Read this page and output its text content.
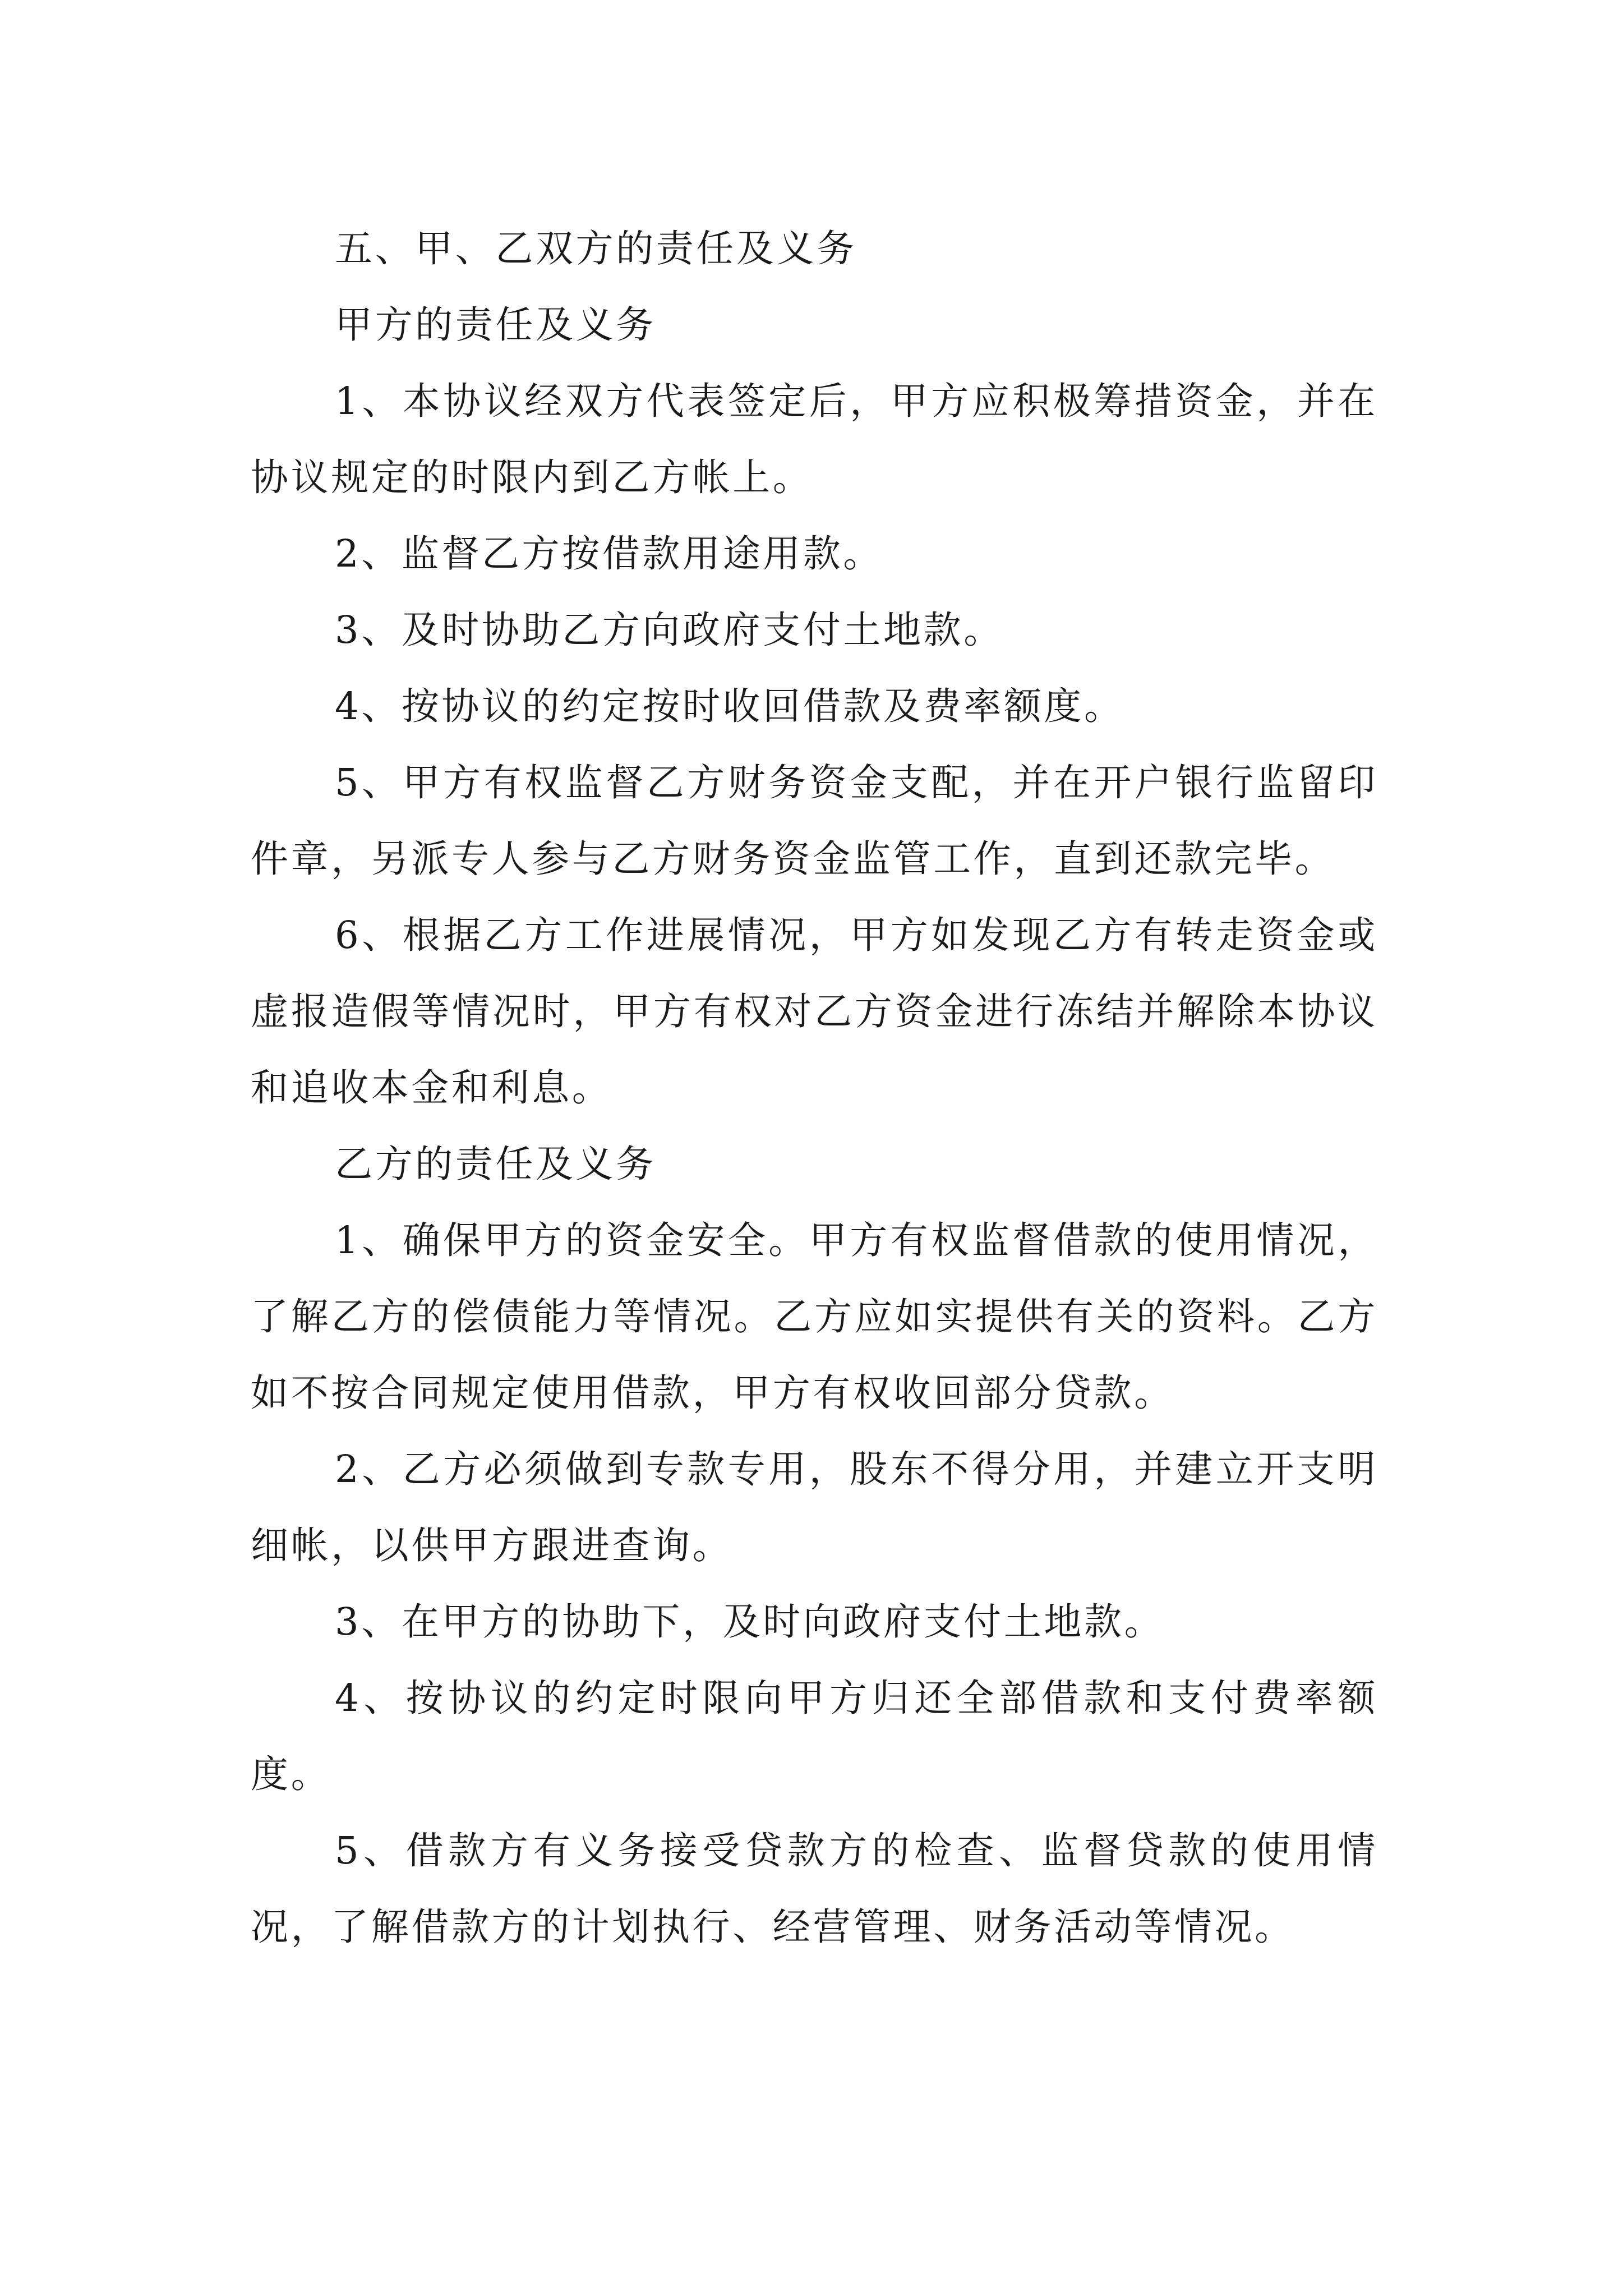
五、甲、乙双方的责任及义务

甲方的责任及义务

1、本协议经双方代表签定后，甲方应积极筹措资金，并在协议规定的时限内到乙方帐上。

2、监督乙方按借款用途用款。

3、及时协助乙方向政府支付土地款。

4、按协议的约定按时收回借款及费率额度。

5、甲方有权监督乙方财务资金支配，并在开户银行监留印件章，另派专人参与乙方财务资金监管工作，直到还款完毕。

6、根据乙方工作进展情况，甲方如发现乙方有转走资金或虚报造假等情况时，甲方有权对乙方资金进行冻结并解除本协议和追收本金和利息。

乙方的责任及义务

1、确保甲方的资金安全。甲方有权监督借款的使用情况，了解乙方的偿债能力等情况。乙方应如实提供有关的资料。乙方如不按合同规定使用借款，甲方有权收回部分贷款。

2、乙方必须做到专款专用，股东不得分用，并建立开支明细帐，以供甲方跟进查询。

3、在甲方的协助下，及时向政府支付土地款。

4、按协议的约定时限向甲方归还全部借款和支付费率额度。

5、借款方有义务接受贷款方的检查、监督贷款的使用情况，了解借款方的计划执行、经营管理、财务活动等情况。
